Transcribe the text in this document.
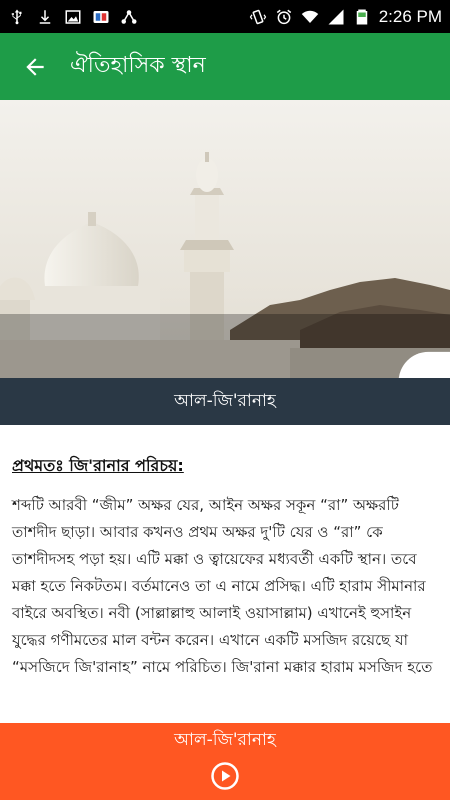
2:26 PM
ঐতিহাসিক স্থান
আল-জি'রানাহ
প্রথমতঃ জি'রানার পরিচয়:

শব্দটি আরবী “জীম” অক্ষর যের, আইন অক্ষর সকূন “রা” অক্ষরটি তাশদীদ ছাড়া। আবার কখনও প্রথম অক্ষর দু'টি যের ও “রা” কে তাশদীদসহ পড়া হয়। এটি মক্কা ও ত্বায়েফের মধ্যবর্তী একটি স্থান। তবে মক্কা হতে নিকটতম। বর্তমানেও তা এ নামে প্রসিদ্ধ। এটি হারাম সীমানার বাইরে অবস্থিত। নবী (সাল্লাল্লাহু আলাই ওয়াসাল্লাম) এখানেই হুসাইন যুদ্ধের গণীমতের মাল বন্টন করেন। এখানে একটি মসজিদ রয়েছে যা “মসজিদে জি'রানাহ” নামে পরিচিত। জি'রানা মক্কার হারাম মসজিদ হতে

আল-জি'রানাহ
